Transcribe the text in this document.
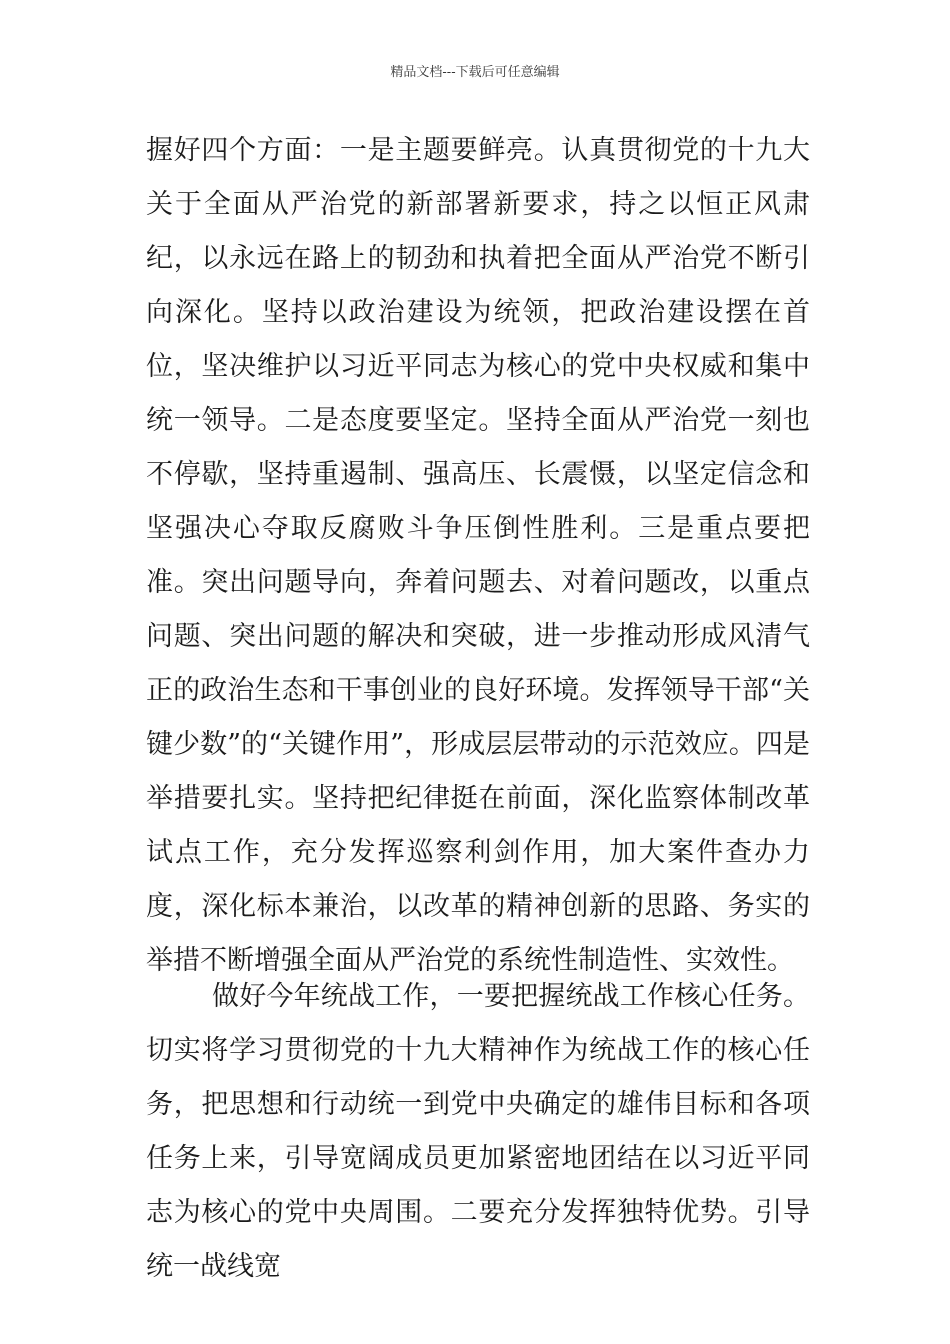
精品文档---下载后可任意编辑

握好四个方面：一是主题要鲜亮。认真贯彻党的十九大关于全面从严治党的新部署新要求，持之以恒正风肃纪，以永远在路上的韧劲和执着把全面从严治党不断引向深化。坚持以政治建设为统领，把政治建设摆在首位，坚决维护以习近平同志为核心的党中央权威和集中统一领导。二是态度要坚定。坚持全面从严治党一刻也不停歇，坚持重遏制、强高压、长震慑，以坚定信念和坚强决心夺取反腐败斗争压倒性胜利。三是重点要把准。突出问题导向，奔着问题去、对着问题改，以重点问题、突出问题的解决和突破，进一步推动形成风清气正的政治生态和干事创业的良好环境。发挥领导干部“关键少数”的“关键作用”，形成层层带动的示范效应。四是举措要扎实。坚持把纪律挺在前面，深化监察体制改革试点工作，充分发挥巡察利剑作用，加大案件查办力度，深化标本兼治，以改革的精神创新的思路、务实的举措不断增强全面从严治党的系统性制造性、实效性。

做好今年统战工作，一要把握统战工作核心任务。切实将学习贯彻党的十九大精神作为统战工作的核心任务，把思想和行动统一到党中央确定的雄伟目标和各项任务上来，引导宽阔成员更加紧密地团结在以习近平同志为核心的党中央周围。二要充分发挥独特优势。引导统一战线宽
